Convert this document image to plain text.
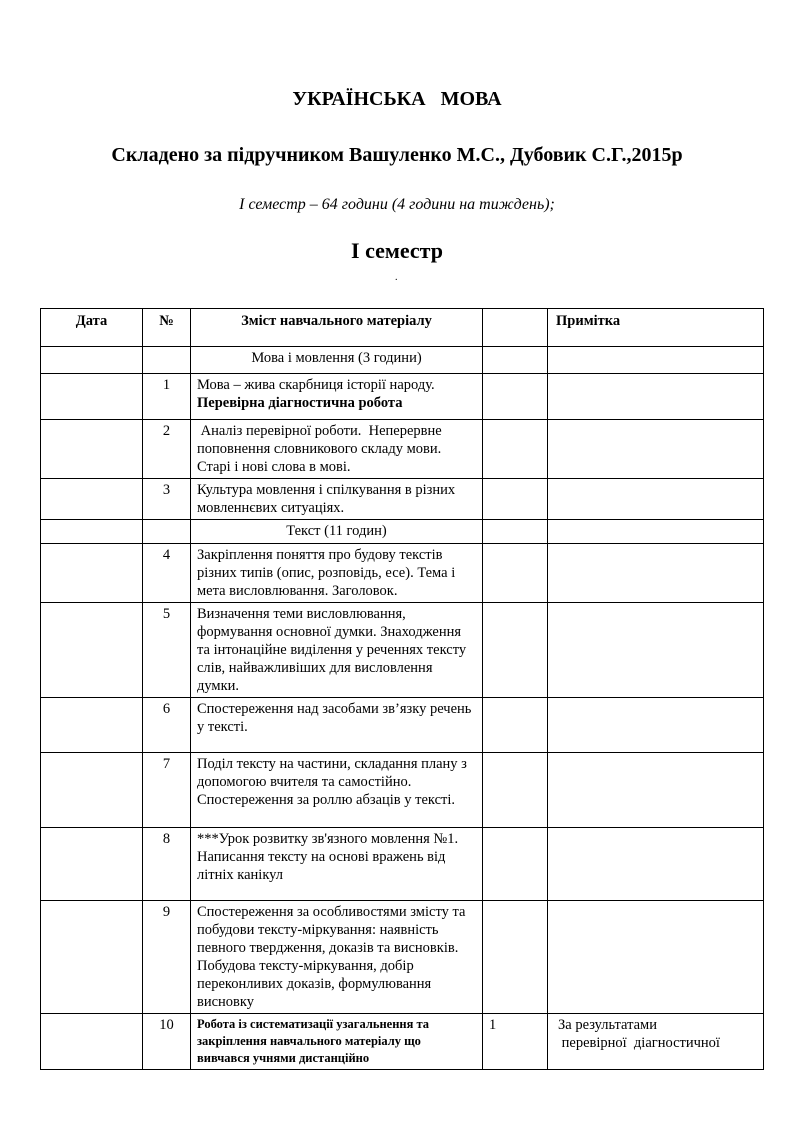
УКРАЇНСЬКА МОВА
Складено за підручником Вашуленко М.С., Дубовик С.Г.,2015р
І семестр – 64 години (4 години на тиждень);
І семестр
.
Дата	№	Зміст навчального матеріалу		Примітка
		Мова і мовлення (3 години)		
	1	Мова – жива скарбниця історії народу.
Перевірна діагностична робота		

	2	Аналіз перевірної роботи.  Неперервне поповнення словникового складу мови. Старі і нові слова в мові.		
	3	Культура мовлення і спілкування в різних мовленнєвих ситуаціях.		
		Текст (11 годин)		
	4	Закріплення поняття про будову текстів різних типів (опис, розповідь, есе). Тема і мета висловлювання. Заголовок.		
	5	Визначення теми висловлювання, формування основної думки. Знаходження та інтонаційне виділення у реченнях тексту слів, найважливіших для висловлення думки.		
	6	Спостереження над засобами зв’язку речень у тексті.		
	7	Поділ тексту на частини, складання плану з допомогою вчителя та самостійно. Спостереження за роллю абзаців у тексті.		
	8	***Урок розвитку зв'язного мовлення №1. Написання тексту на основі вражень від літніх канікул		
	9	Спостереження за особливостями змісту та побудови тексту-міркування: наявність певного твердження, доказів та висновків. Побудова тексту-міркування, добір переконливих доказів, формулювання висновку		
	10	Робота із систематизації узагальнення та закріплення навчального матеріалу що вивчався учнями дистанційно	1	За результатами
перевірної  діагностичної
